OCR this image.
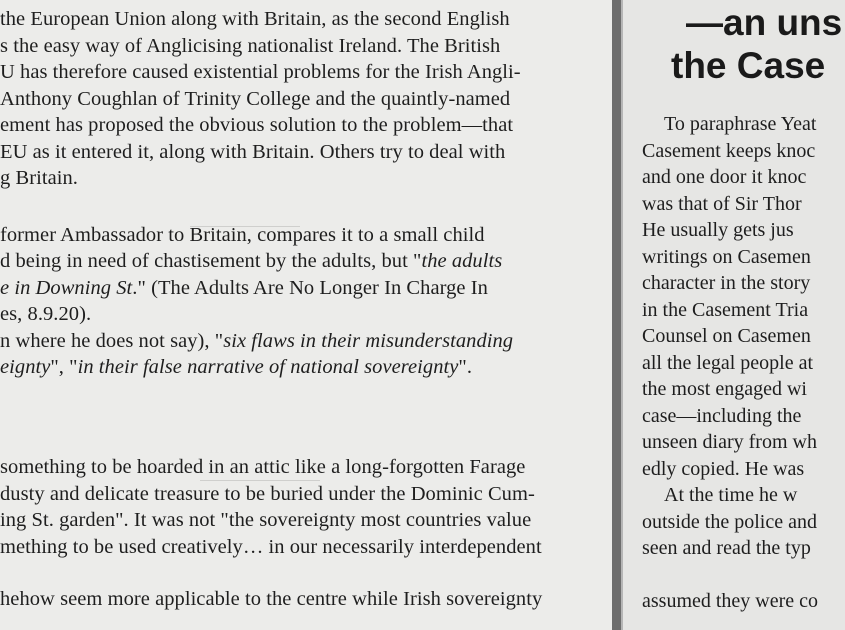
the European Union along with Britain, as the second English
s the easy way of Anglicising nationalist Ireland. The British
U has therefore caused existential problems for the Irish Angli-
Anthony Coughlan of Trinity College and the quaintly-named
ement has proposed the obvious solution to the problem—that
EU as it entered it, along with Britain. Others try to deal with
g Britain.
former Ambassador to Britain, compares it to a small child
d being in need of chastisement by the adults, but "the adults
e in Downing St." (The Adults Are No Longer In Charge In
es, 8.9.20).
n where he does not say), "six flaws in their misunderstanding
eignty", "in their false narrative of national sovereignty".
something to be hoarded in an attic like a long-forgotten Farage
dusty and delicate treasure to be buried under the Dominic Cum-
ing St. garden". It was not "the sovereignty most countries value
mething to be used creatively… in our necessarily interdependent
hehow seem more applicable to the centre while Irish sovereignty
—an uns
the Case
To paraphrase Yeat
Casement keeps knoc
and one door it knoc
was that of Sir Thor
He usually gets jus
writings on Casemen
character in the story
in the Casement Tria
Counsel on Casemen
all the legal people at
the most engaged wi
case—including the
unseen diary from wh
edly copied. He was
At the time he w
outside the police and
seen and read the typ
assumed they were co
